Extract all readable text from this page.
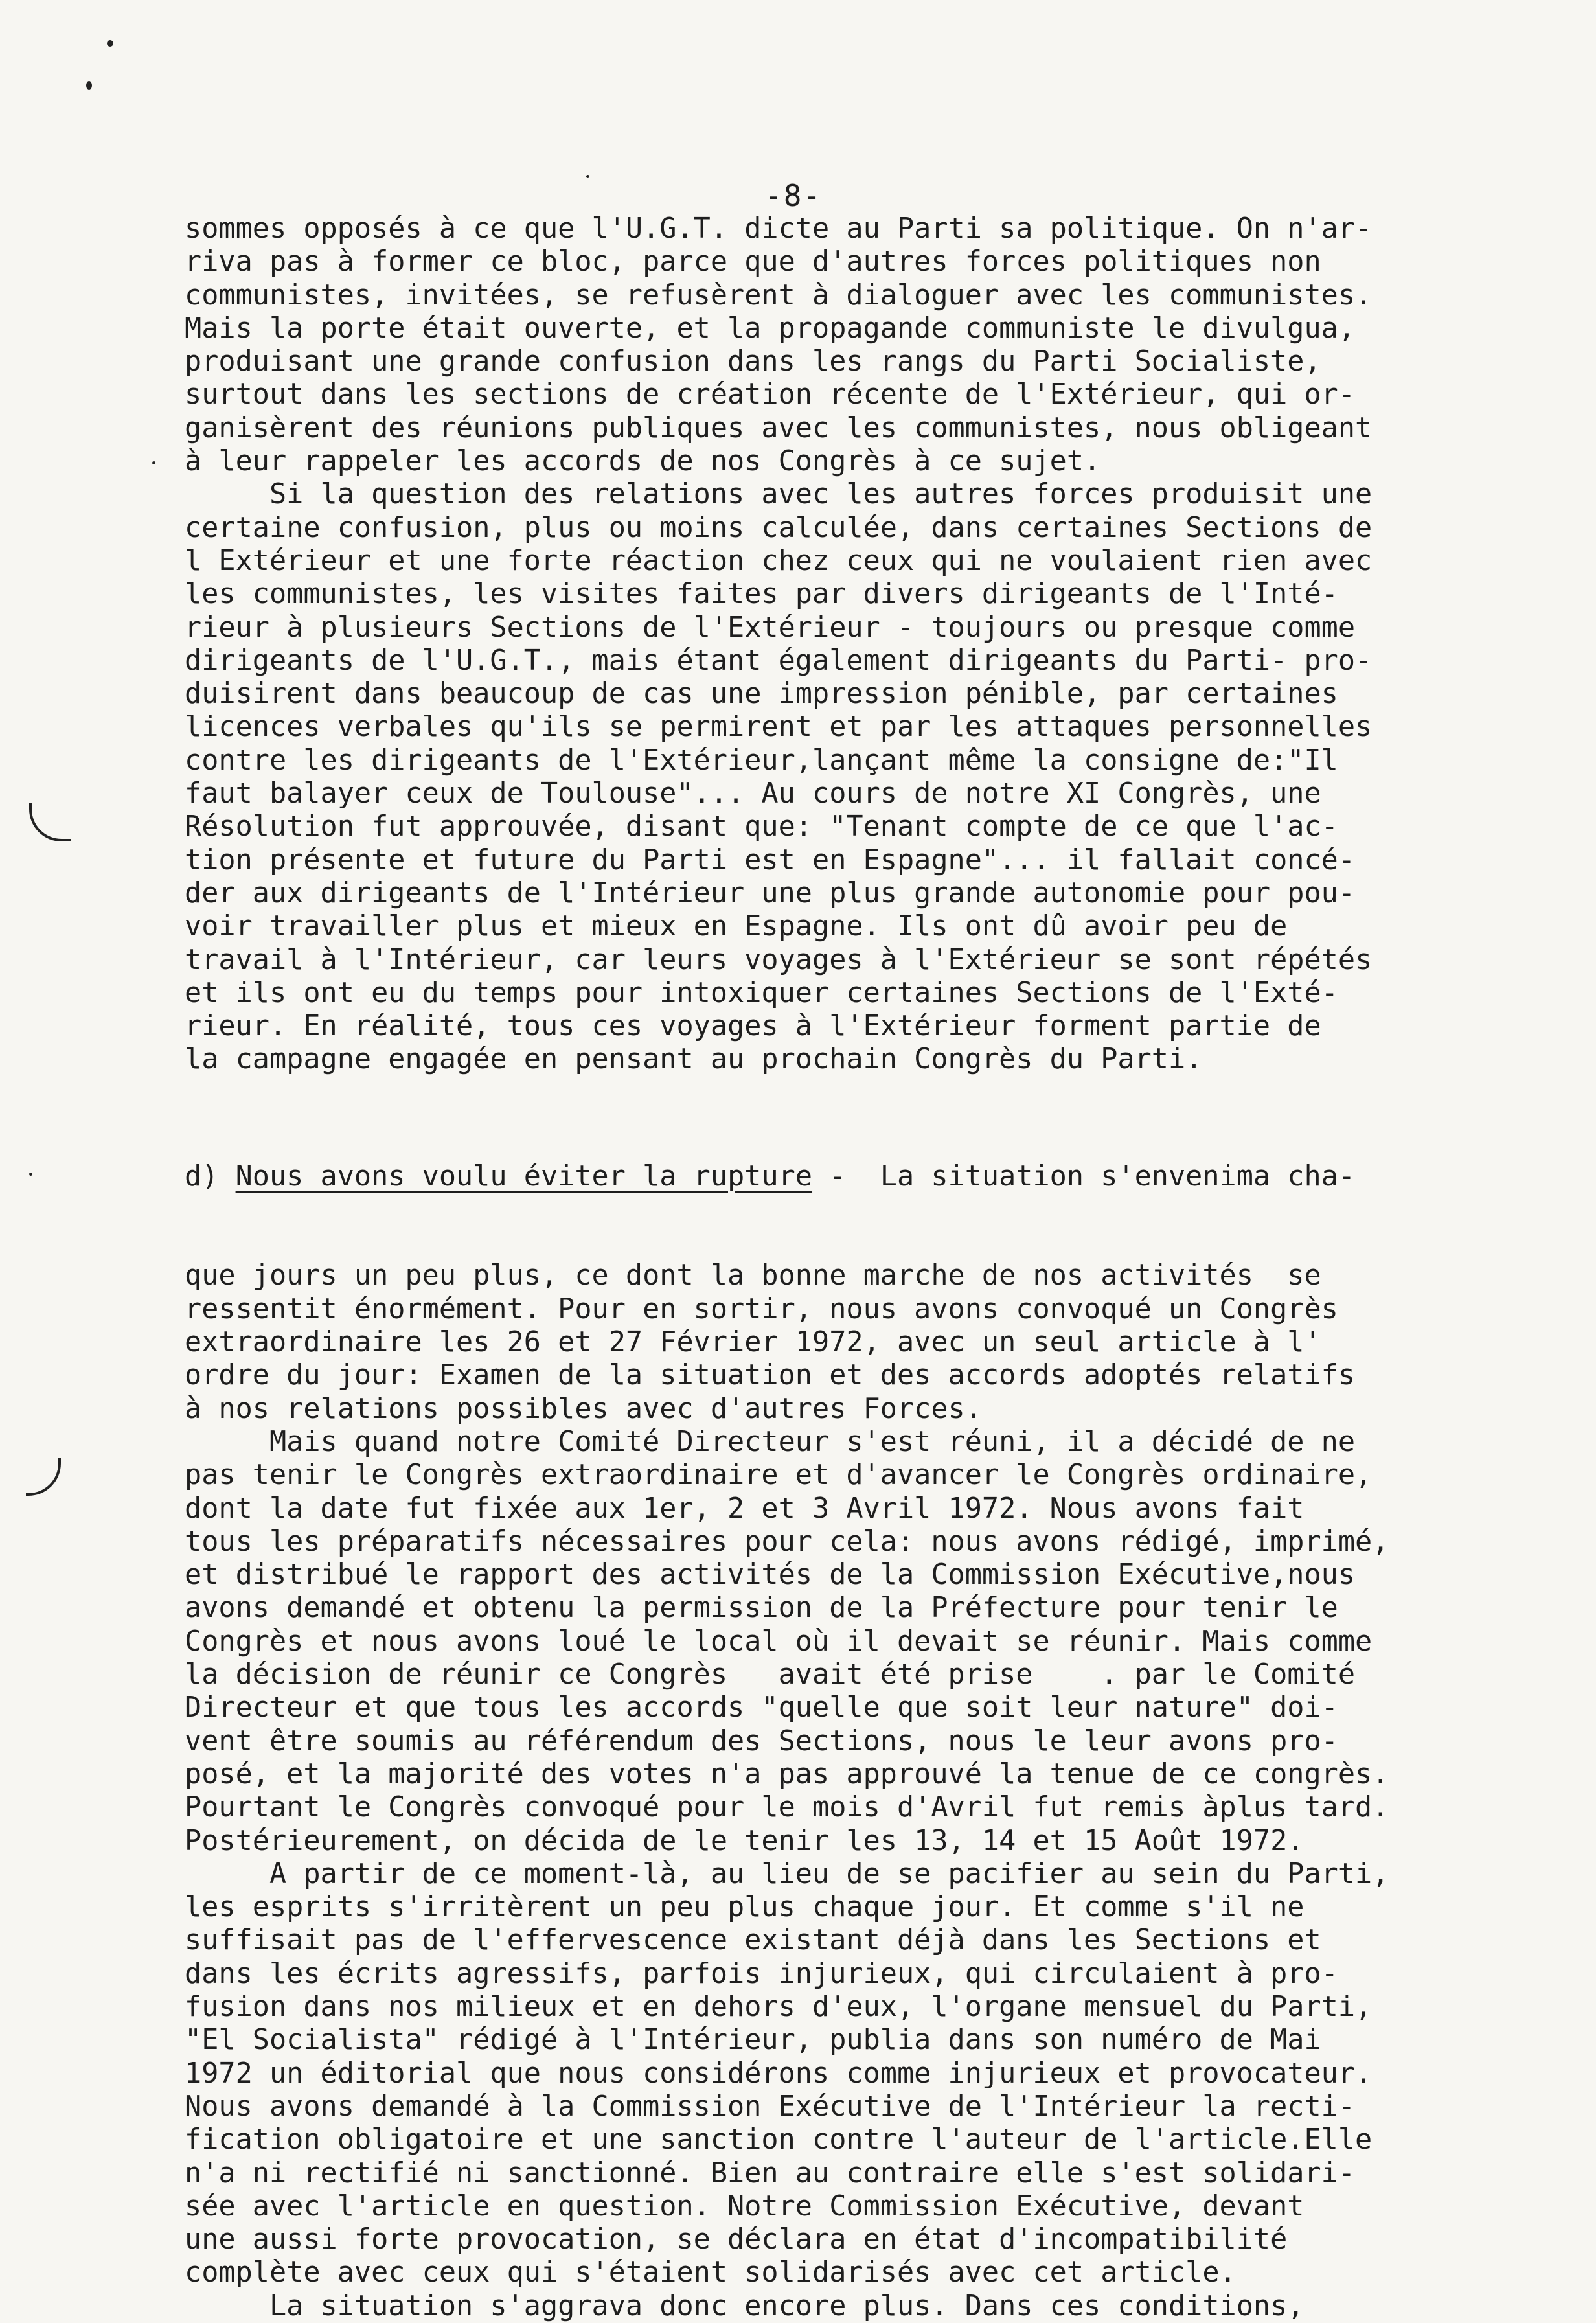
-8-
sommes opposés à ce que l'U.G.T. dicte au Parti sa politique. On n'ar-
riva pas à former ce bloc, parce que d'autres forces politiques non
communistes, invitées, se refusèrent à dialoguer avec les communistes.
Mais la porte était ouverte, et la propagande communiste le divulgua,
produisant une grande confusion dans les rangs du Parti Socialiste,
surtout dans les sections de création récente de l'Extérieur, qui or-
ganisèrent des réunions publiques avec les communistes, nous obligeant
à leur rappeler les accords de nos Congrès à ce sujet.
Si la question des relations avec les autres forces produisit une
certaine confusion, plus ou moins calculée, dans certaines Sections de
l Extérieur et une forte réaction chez ceux qui ne voulaient rien avec
les communistes, les visites faites par divers dirigeants de l'Inté-
rieur à plusieurs Sections de l'Extérieur - toujours ou presque comme
dirigeants de l'U.G.T., mais étant également dirigeants du Parti- pro-
duisirent dans beaucoup de cas une impression pénible, par certaines
licences verbales qu'ils se permirent et par les attaques personnelles
contre les dirigeants de l'Extérieur,lançant même la consigne de:"Il
faut balayer ceux de Toulouse"... Au cours de notre XI Congrès, une
Résolution fut approuvée, disant que: "Tenant compte de ce que l'ac-
tion présente et future du Parti est en Espagne"... il fallait concé-
der aux dirigeants de l'Intérieur une plus grande autonomie pour pou-
voir travailler plus et mieux en Espagne. Ils ont dû avoir peu de
travail à l'Intérieur, car leurs voyages à l'Extérieur se sont répétés
et ils ont eu du temps pour intoxiquer certaines Sections de l'Exté-
rieur. En réalité, tous ces voyages à l'Extérieur forment partie de
la campagne engagée en pensant au prochain Congrès du Parti.

d) Nous avons voulu éviter la rupture -  La situation s'envenima cha-

que jours un peu plus, ce dont la bonne marche de nos activités  se
ressentit énormément. Pour en sortir, nous avons convoqué un Congrès
extraordinaire les 26 et 27 Février 1972, avec un seul article à l'
ordre du jour: Examen de la situation et des accords adoptés relatifs
à nos relations possibles avec d'autres Forces.
Mais quand notre Comité Directeur s'est réuni, il a décidé de ne
pas tenir le Congrès extraordinaire et d'avancer le Congrès ordinaire,
dont la date fut fixée aux 1er, 2 et 3 Avril 1972. Nous avons fait
tous les préparatifs nécessaires pour cela: nous avons rédigé, imprimé,
et distribué le rapport des activités de la Commission Exécutive,nous
avons demandé et obtenu la permission de la Préfecture pour tenir le
Congrès et nous avons loué le local où il devait se réunir. Mais comme
la décision de réunir ce Congrès   avait été prise    . par le Comité
Directeur et que tous les accords "quelle que soit leur nature" doi-
vent être soumis au référendum des Sections, nous le leur avons pro-
posé, et la majorité des votes n'a pas approuvé la tenue de ce congrès.
Pourtant le Congrès convoqué pour le mois d'Avril fut remis àplus tard.
Postérieurement, on décida de le tenir les 13, 14 et 15 Août 1972.
A partir de ce moment-là, au lieu de se pacifier au sein du Parti,
les esprits s'irritèrent un peu plus chaque jour. Et comme s'il ne
suffisait pas de l'effervescence existant déjà dans les Sections et
dans les écrits agressifs, parfois injurieux, qui circulaient à pro-
fusion dans nos milieux et en dehors d'eux, l'organe mensuel du Parti,
"El Socialista" rédigé à l'Intérieur, publia dans son numéro de Mai
1972 un éditorial que nous considérons comme injurieux et provocateur.
Nous avons demandé à la Commission Exécutive de l'Intérieur la recti-
fication obligatoire et une sanction contre l'auteur de l'article.Elle
n'a ni rectifié ni sanctionné. Bien au contraire elle s'est solidari-
sée avec l'article en question. Notre Commission Exécutive, devant
une aussi forte provocation, se déclara en état d'incompatibilité
complète avec ceux qui s'étaient solidarisés avec cet article.
La situation s'aggrava donc encore plus. Dans ces conditions,
